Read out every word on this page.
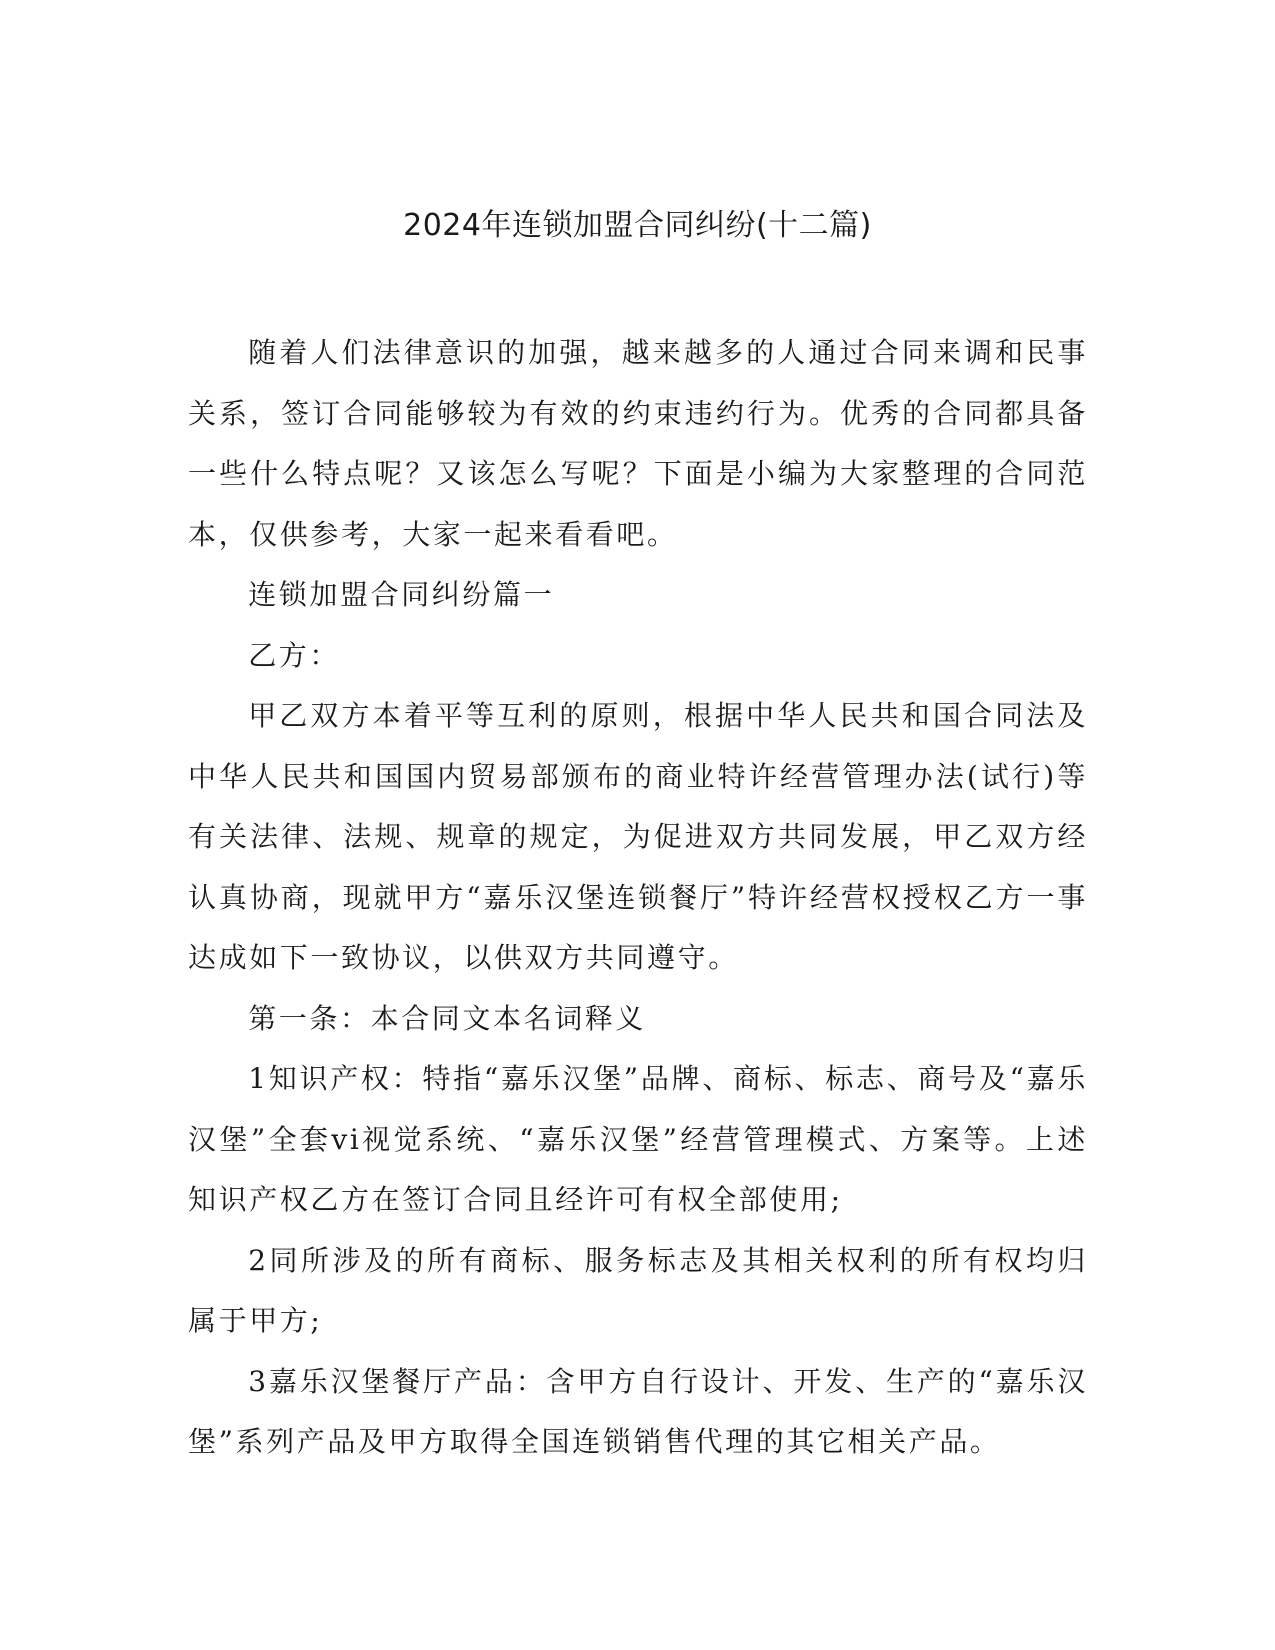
2024年连锁加盟合同纠纷(十二篇)

随着人们法律意识的加强，越来越多的人通过合同来调和民事关系，签订合同能够较为有效的约束违约行为。优秀的合同都具备一些什么特点呢？又该怎么写呢？下面是小编为大家整理的合同范本，仅供参考，大家一起来看看吧。

连锁加盟合同纠纷篇一

乙方：

甲乙双方本着平等互利的原则，根据中华人民共和国合同法及中华人民共和国国内贸易部颁布的商业特许经营管理办法(试行)等有关法律、法规、规章的规定，为促进双方共同发展，甲乙双方经认真协商，现就甲方“嘉乐汉堡连锁餐厅”特许经营权授权乙方一事达成如下一致协议，以供双方共同遵守。

第一条：本合同文本名词释义

1知识产权：特指“嘉乐汉堡”品牌、商标、标志、商号及“嘉乐汉堡”全套vi视觉系统、“嘉乐汉堡”经营管理模式、方案等。上述知识产权乙方在签订合同且经许可有权全部使用;

2同所涉及的所有商标、服务标志及其相关权利的所有权均归属于甲方;

3嘉乐汉堡餐厅产品：含甲方自行设计、开发、生产的“嘉乐汉堡”系列产品及甲方取得全国连锁销售代理的其它相关产品。
